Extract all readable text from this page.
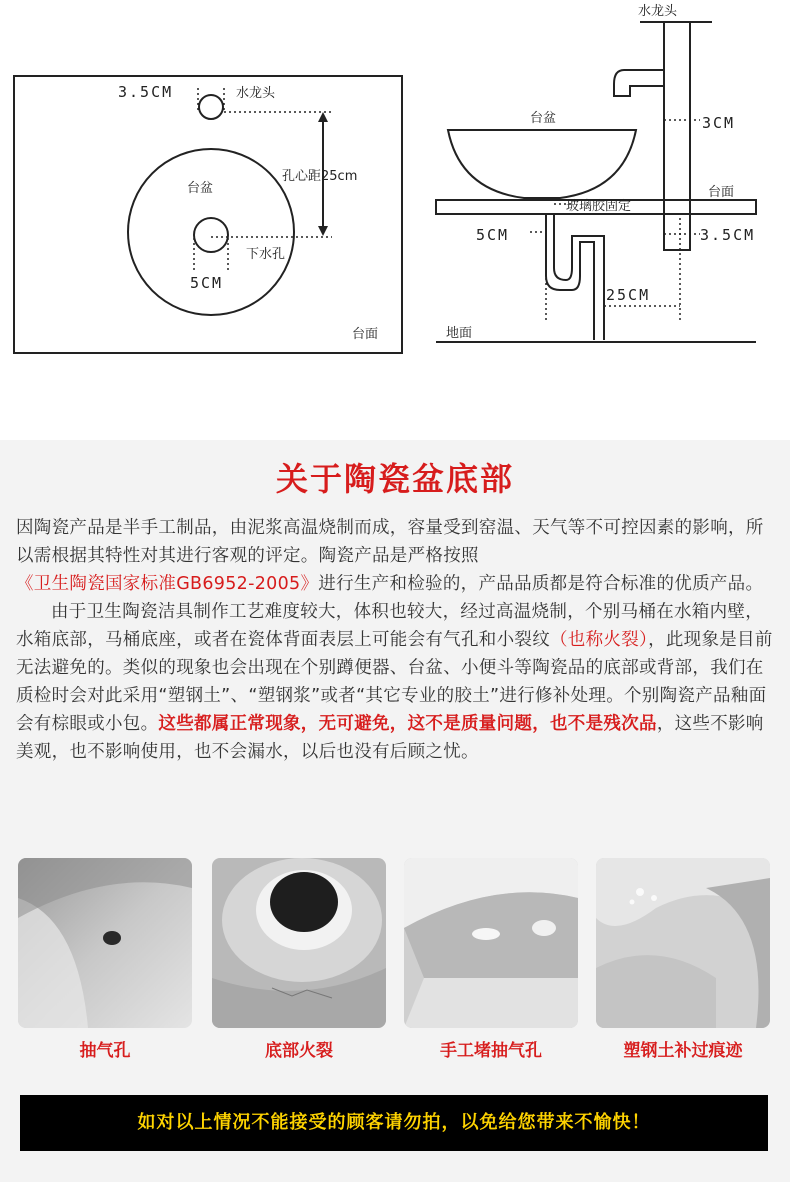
3.5CM	水龙头
孔心距25cm
台盆
下水孔
5CM
台面
水龙头
台盆	3CM
台面
玻璃胶固定
5CM	3.5CM
25CM
地面
关于陶瓷盆底部

因陶瓷产品是半手工制品，由泥浆高温烧制而成，容量受到窑温、天气等不可控因素的影响，所以需根据其特性对其进行客观的评定。陶瓷产品是严格按照《卫生陶瓷国家标准GB6952-2005》进行生产和检验的，产品品质都是符合标准的优质产品。

由于卫生陶瓷洁具制作工艺难度较大，体积也较大，经过高温烧制，个别马桶在水箱内壁，水箱底部，马桶底座，或者在瓷体背面表层上可能会有气孔和小裂纹（也称火裂），此现象是目前无法避免的。类似的现象也会出现在个别蹲便器、台盆、小便斗等陶瓷品的底部或背部，我们在质检时会对此采用“塑钢土”、“塑钢浆”或者“其它专业的胶土”进行修补处理。个别陶瓷产品釉面会有棕眼或小包。这些都属正常现象，无可避免，这不是质量问题，也不是残次品，这些不影响美观，也不影响使用，也不会漏水，以后也没有后顾之忧。

抽气孔	底部火裂	手工堵抽气孔	塑钢土补过痕迹
如对以上情况不能接受的顾客请勿拍，以免给您带来不愉快！
